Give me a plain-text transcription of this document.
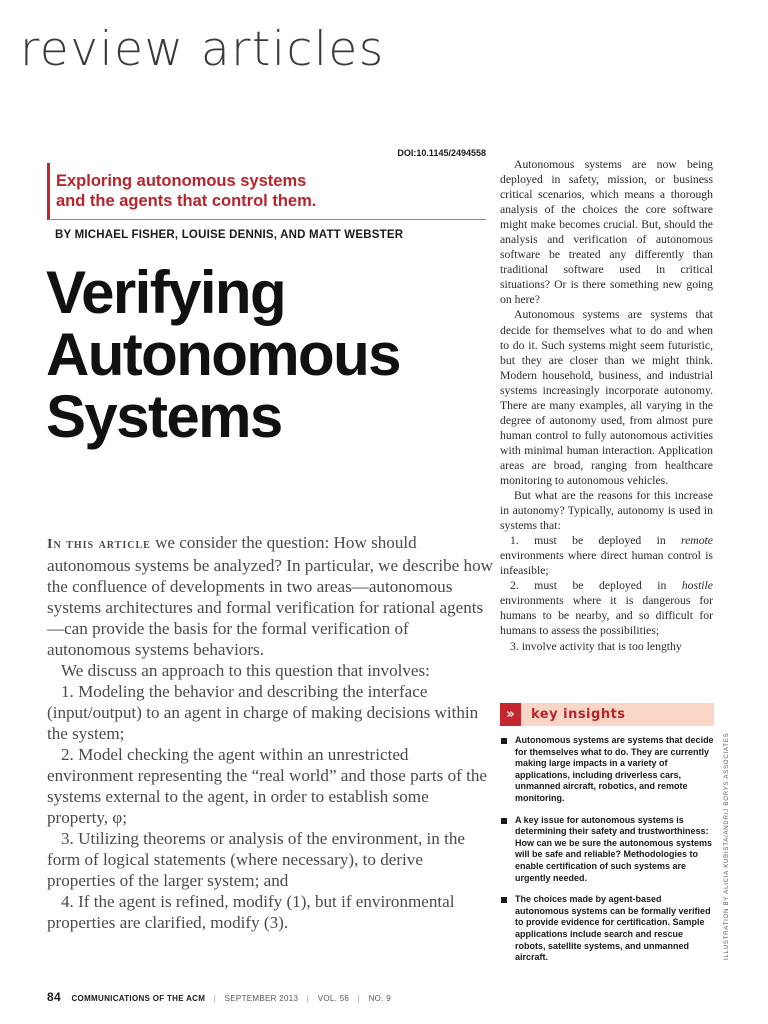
review articles
DOI:10.1145/2494558
Exploring autonomous systems
and the agents that control them.
BY MICHAEL FISHER, LOUISE DENNIS, AND MATT WEBSTER
Verifying
Autonomous
Systems

In this article we consider the question: How should autonomous systems be analyzed? In particular, we describe how the confluence of developments in two areas—autonomous systems architectures and formal verification for rational agents—can provide the basis for the formal verification of autonomous systems behaviors.

We discuss an approach to this question that involves:

1. Modeling the behavior and describing the interface (input/output) to an agent in charge of making decisions within the system;

2. Model checking the agent within an unrestricted environment representing the “real world” and those parts of the systems external to the agent, in order to establish some property, φ;

3. Utilizing theorems or analysis of the environment, in the form of logical statements (where necessary), to derive properties of the larger system; and

4. If the agent is refined, modify (1), but if environmental properties are clarified, modify (3).

Autonomous systems are now being deployed in safety, mission, or business critical scenarios, which means a thorough analysis of the choices the core software might make becomes crucial. But, should the analysis and verification of autonomous software be treated any differently than traditional software used in critical situations? Or is there something new going on here?

Autonomous systems are systems that decide for themselves what to do and when to do it. Such systems might seem futuristic, but they are closer than we might think. Modern household, business, and industrial systems increasingly incorporate autonomy. There are many examples, all varying in the degree of autonomy used, from almost pure human control to fully autonomous activities with minimal human interaction. Application areas are broad, ranging from healthcare monitoring to autonomous vehicles.

But what are the reasons for this increase in autonomy? Typically, autonomy is used in systems that:

1. must be deployed in remote environments where direct human control is infeasible;

2. must be deployed in hostile environments where it is dangerous for humans to be nearby, and so difficult for humans to assess the possibilities;

3. involve activity that is too lengthy

»	key insights
Autonomous systems are systems that decide for themselves what to do. They are currently making large impacts in a variety of applications, including driverless cars, unmanned aircraft, robotics, and remote monitoring.
A key issue for autonomous systems is determining their safety and trustworthiness: How can we be sure the autonomous systems will be safe and reliable? Methodologies to enable certification of such systems are urgently needed.
The choices made by agent-based autonomous systems can be formally verified to provide evidence for certification. Sample applications include search and rescue robots, satellite systems, and unmanned aircraft.	ILLUSTRATION BY ALICIA KUBISTA/ANDRIJ BORYS ASSOCIATES
84 COMMUNICATIONS OF THE ACM | SEPTEMBER 2013 | VOL. 56 | NO. 9
